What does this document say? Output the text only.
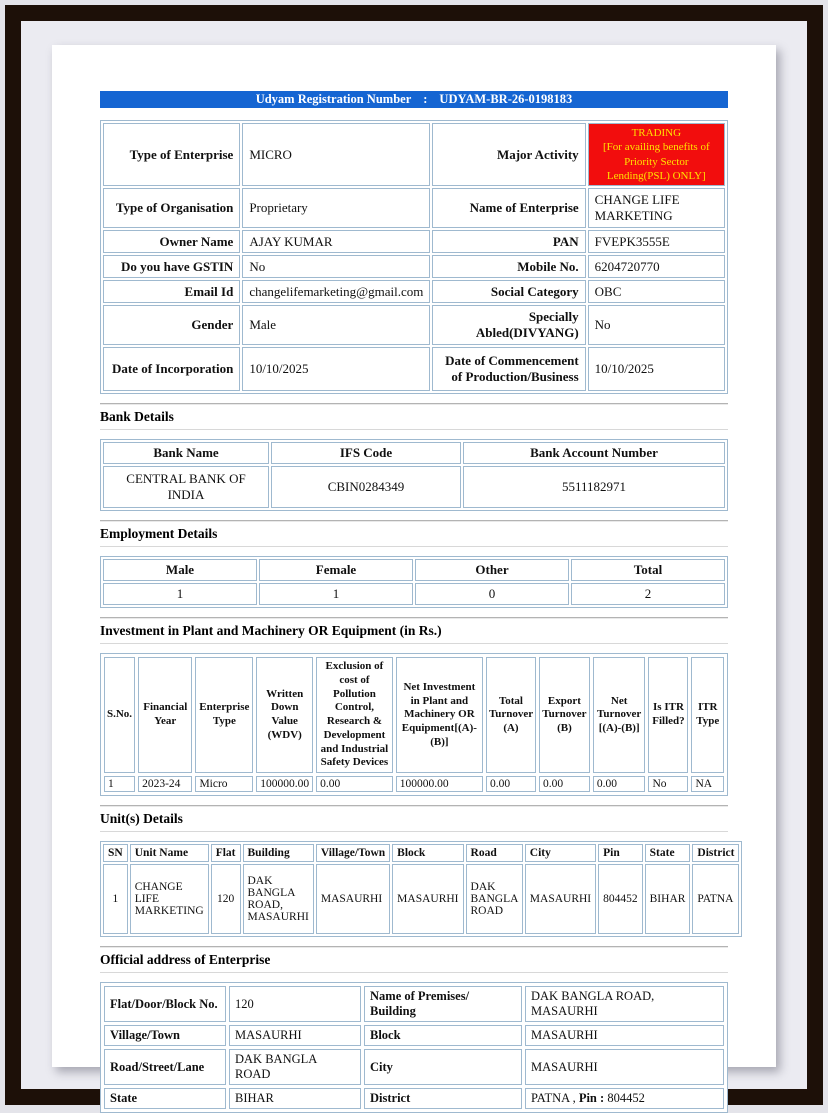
Udyam Registration Number : UDYAM-BR-26-0198183
Type of Enterprise	MICRO	Major Activity	TRADING
[For availing benefits of Priority Sector Lending(PSL) ONLY]

Type of Organisation	Proprietary	Name of Enterprise	CHANGE LIFE MARKETING
Owner Name	AJAY KUMAR	PAN	FVEPK3555E
Do you have GSTIN	No	Mobile No.	6204720770
Email Id	changelifemarketing@gmail.com	Social Category	OBC
Gender	Male	Specially Abled(DIVYANG)	No
Date of Incorporation	10/10/2025	Date of Commencement of Production/Business	10/10/2025
Bank Details
Bank Name	IFS Code	Bank Account Number
CENTRAL BANK OF INDIA	CBIN0284349	5511182971
Employment Details
Male	Female	Other	Total
1	1	0	2
Investment in Plant and Machinery OR Equipment (in Rs.)
S.No.	Financial Year	Enterprise Type	Written Down Value (WDV)	Exclusion of cost of Pollution Control, Research & Development and Industrial Safety Devices	Net Investment in Plant and Machinery OR Equipment[(A)-(B)]	Total Turnover (A)	Export Turnover (B)	Net Turnover [(A)-(B)]	Is ITR Filled?	ITR Type
1	2023-24	Micro	100000.00	0.00	100000.00	0.00	0.00	0.00	No	NA
Unit(s) Details
SN	Unit Name	Flat	Building	Village/Town	Block	Road	City	Pin	State	District
1	CHANGE LIFE MARKETING	120	DAK BANGLA ROAD, MASAURHI	MASAURHI	MASAURHI	DAK BANGLA ROAD	MASAURHI	804452	BIHAR	PATNA
Official address of Enterprise
Flat/Door/Block No.	120	Name of Premises/ Building	DAK BANGLA ROAD, MASAURHI
Village/Town	MASAURHI	Block	MASAURHI
Road/Street/Lane	DAK BANGLA ROAD	City	MASAURHI
State	BIHAR	District	PATNA , Pin : 804452
